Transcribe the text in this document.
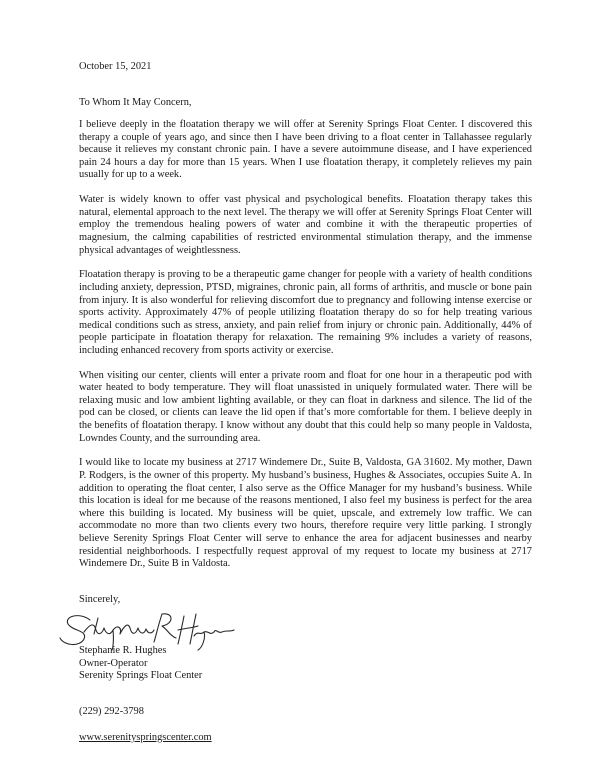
October 15, 2021
To Whom It May Concern,

I believe deeply in the floatation therapy we will offer at Serenity Springs Float Center. I discovered this therapy a couple of years ago, and since then I have been driving to a float center in Tallahassee regularly because it relieves my constant chronic pain. I have a severe autoimmune disease, and I have experienced pain 24 hours a day for more than 15 years. When I use floatation therapy, it completely relieves my pain usually for up to a week.

Water is widely known to offer vast physical and psychological benefits. Floatation therapy takes this natural, elemental approach to the next level. The therapy we will offer at Serenity Springs Float Center will employ the tremendous healing powers of water and combine it with the therapeutic properties of magnesium, the calming capabilities of restricted environmental stimulation therapy, and the immense physical advantages of weightlessness.

Floatation therapy is proving to be a therapeutic game changer for people with a variety of health conditions including anxiety, depression, PTSD, migraines, chronic pain, all forms of arthritis, and muscle or bone pain from injury. It is also wonderful for relieving discomfort due to pregnancy and following intense exercise or sports activity. Approximately 47% of people utilizing floatation therapy do so for help treating various medical conditions such as stress, anxiety, and pain relief from injury or chronic pain. Additionally, 44% of people participate in floatation therapy for relaxation. The remaining 9% includes a variety of reasons, including enhanced recovery from sports activity or exercise.

When visiting our center, clients will enter a private room and float for one hour in a therapeutic pod with water heated to body temperature. They will float unassisted in uniquely formulated water. There will be relaxing music and low ambient lighting available, or they can float in darkness and silence. The lid of the pod can be closed, or clients can leave the lid open if that’s more comfortable for them. I believe deeply in the benefits of floatation therapy. I know without any doubt that this could help so many people in Valdosta, Lowndes County, and the surrounding area.

I would like to locate my business at 2717 Windemere Dr., Suite B, Valdosta, GA 31602. My mother, Dawn P. Rodgers, is the owner of this property. My husband’s business, Hughes & Associates, occupies Suite A. In addition to operating the float center, I also serve as the Office Manager for my husband’s business. While this location is ideal for me because of the reasons mentioned, I also feel my business is perfect for the area where this building is located. My business will be quiet, upscale, and extremely low traffic. We can accommodate no more than two clients every two hours, therefore require very little parking. I strongly believe Serenity Springs Float Center will serve to enhance the area for adjacent businesses and nearby residential neighborhoods. I respectfully request approval of my request to locate my business at 2717 Windemere Dr., Suite B in Valdosta.

Sincerely,
Stephanie R. Hughes
Owner-Operator
Serenity Springs Float Center
(229) 292-3798
www.serenityspringscenter.com
